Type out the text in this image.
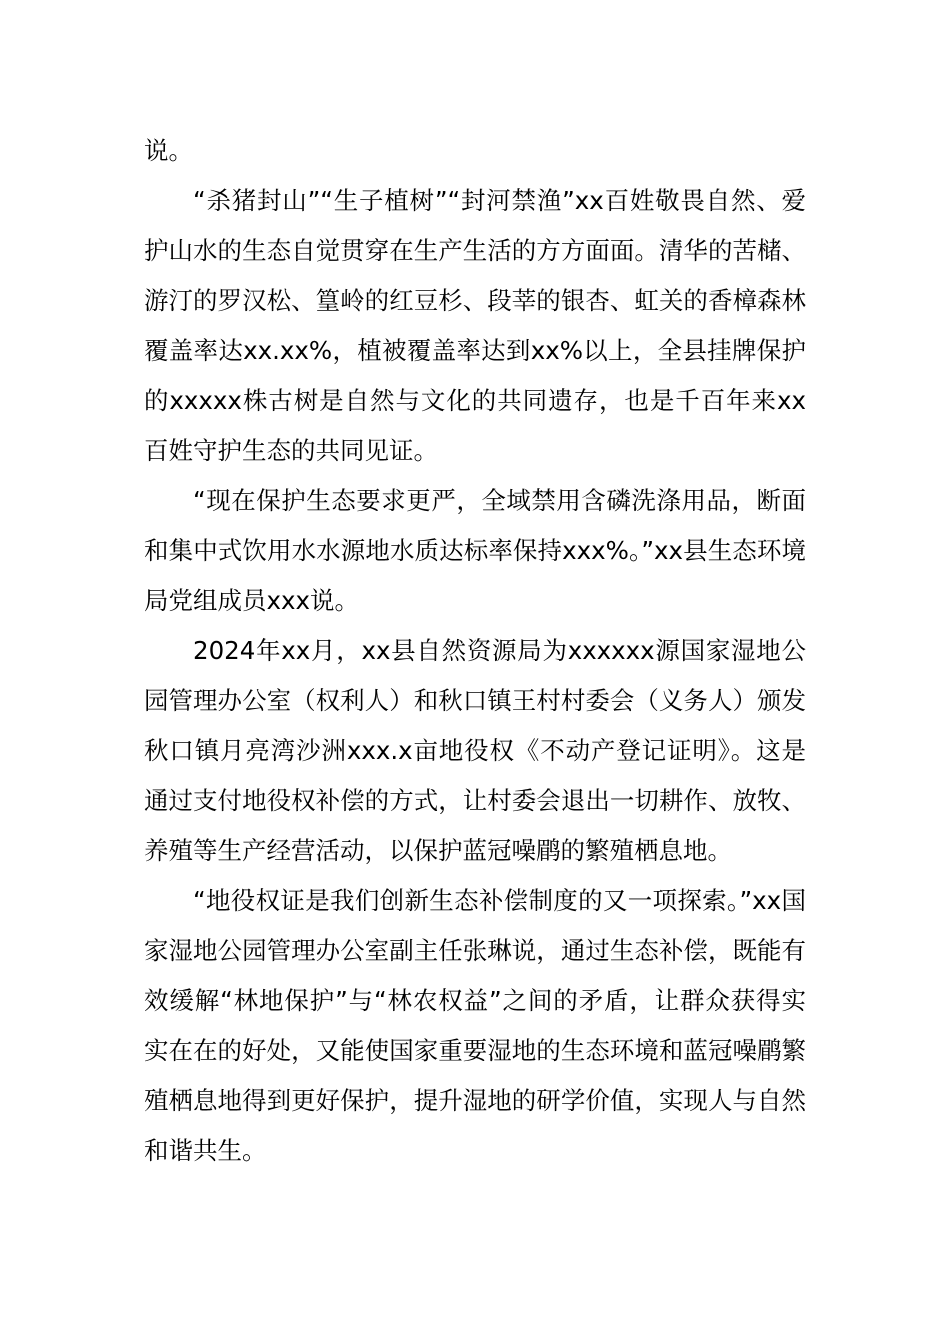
说。

“杀猪封山”“生子植树”“封河禁渔”xx百姓敬畏自然、爱护山水的生态自觉贯穿在生产生活的方方面面。清华的苦槠、游汀的罗汉松、篁岭的红豆杉、段莘的银杏、虹关的香樟森林覆盖率达xx.xx%，植被覆盖率达到xx%以上，全县挂牌保护的xxxxx株古树是自然与文化的共同遗存，也是千百年来xx百姓守护生态的共同见证。

“现在保护生态要求更严，全域禁用含磷洗涤用品，断面和集中式饮用水水源地水质达标率保持xxx%。”xx县生态环境局党组成员xxx说。

2024年xx月，xx县自然资源局为xxxxxx源国家湿地公园管理办公室（权利人）和秋口镇王村村委会（义务人）颁发秋口镇月亮湾沙洲xxx.x亩地役权《不动产登记证明》。这是通过支付地役权补偿的方式，让村委会退出一切耕作、放牧、养殖等生产经营活动，以保护蓝冠噪鹛的繁殖栖息地。

“地役权证是我们创新生态补偿制度的又一项探索。”xx国家湿地公园管理办公室副主任张琳说，通过生态补偿，既能有效缓解“林地保护”与“林农权益”之间的矛盾，让群众获得实实在在的好处，又能使国家重要湿地的生态环境和蓝冠噪鹛繁殖栖息地得到更好保护，提升湿地的研学价值，实现人与自然和谐共生。
